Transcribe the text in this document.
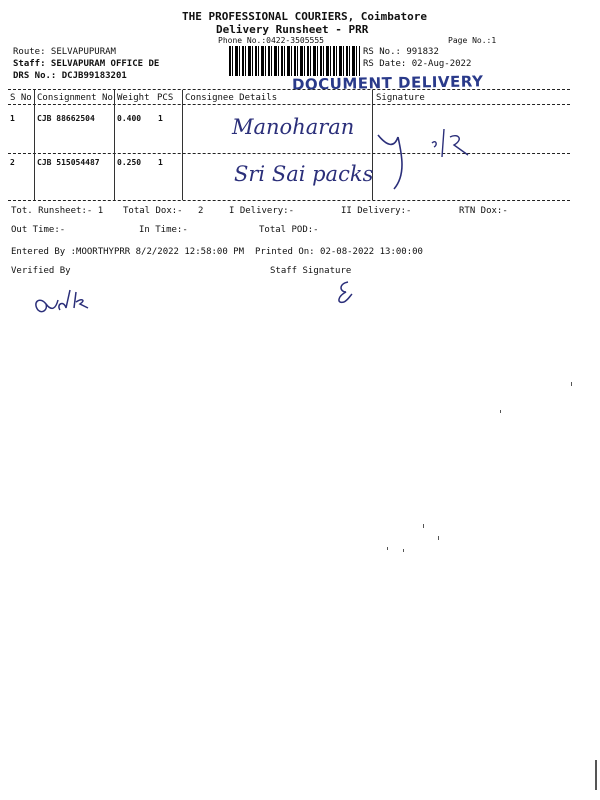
THE PROFESSIONAL COURIERS, Coimbatore
Delivery Runsheet - PRR
Phone No.:0422-3505555	Page No.:1
Route: SELVAPUPURAM
Staff: SELVAPURAM OFFICE DE
DRS No.: DCJB99183201
RS No.: 991832
RS Date: 02-Aug-2022
DOCUMENT DELIVERY
S No Consignment No Weight PCS Consignee Details	Signature
1	CJB 88662504	0.400 1	Manoharan
2	CJB 515054487 0.250 1	Sri Sai packs
Tot. Runsheet:- 1 Total Dox:- 2	I Delivery:-	II Delivery:-	RTN Dox:-
Out Time:-	In Time:-	Total POD:-
Entered By :MOORTHYPRR 8/2/2022 12:58:00 PM Printed On: 02-08-2022 13:00:00
Verified By	Staff Signature
